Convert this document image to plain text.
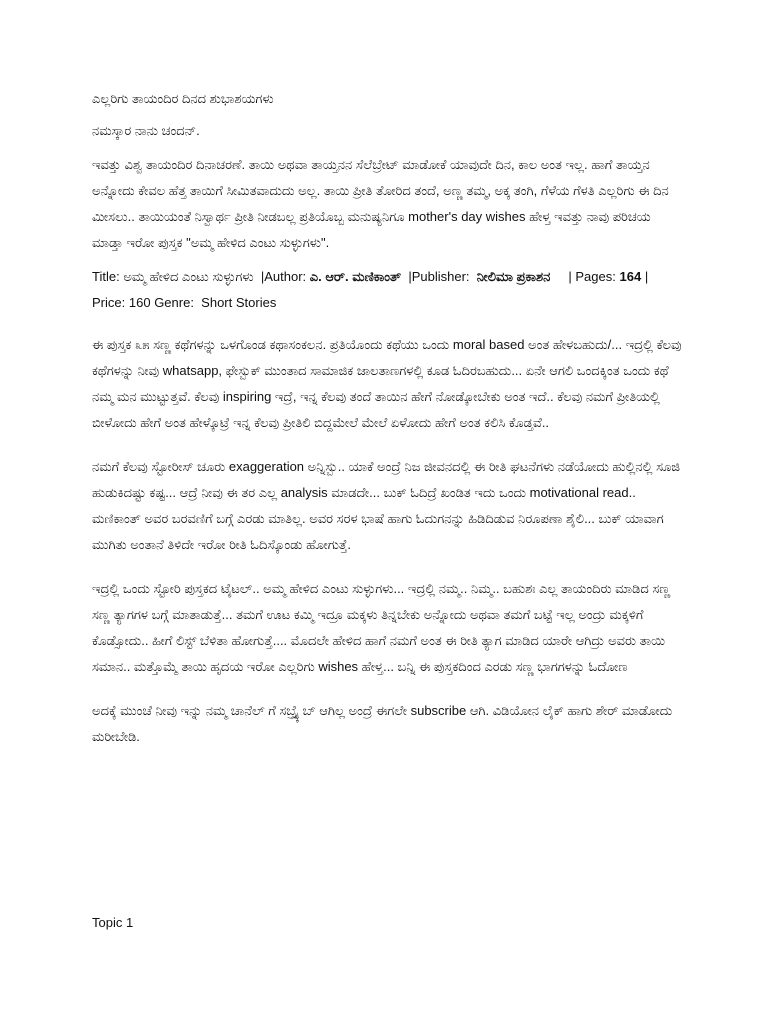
ಎಲ್ಲರಿಗು ತಾಯಂದಿರ ದಿನದ ಶುಭಾಶಯಗಳು

ನಮಸ್ಕಾರ ನಾನು ಚಂದನ್.

ಇವತ್ತು ವಿಶ್ವ ತಾಯಂದಿರ ದಿನಾಚರಣೆ. ತಾಯಿ ಅಥವಾ ತಾಯ್ತನನ ಸೆಲೆಬ್ರೇಟ್ ಮಾಡೋಕೆ ಯಾವುದೇ ದಿನ, ಕಾಲ ಅಂತ ಇಲ್ಲ. ಹಾಗೆ ತಾಯ್ತನ ಅನ್ನೋದು ಕೇವಲ ಹೆತ್ತ ತಾಯಿಗೆ ಸೀಮಿತವಾದುದು ಅಲ್ಲ. ತಾಯಿ ಪ್ರೀತಿ ತೋರಿದ ತಂದೆ, ಅಣ್ಣ ತಮ್ಮ, ಅಕ್ಕ ತಂಗಿ, ಗೆಳೆಯ ಗೆಳತಿ ಎಲ್ಲರಿಗು ಈ ದಿನ ಮೀಸಲು.. ತಾಯಿಯಂತೆ ನಿಸ್ವಾರ್ಥ ಪ್ರೀತಿ ನೀಡಬಲ್ಲ ಪ್ರತಿಯೊಬ್ಬ ಮನುಷ್ಯನಿಗೂ mother's day wishes ಹೇಳ್ತ ಇವತ್ತು ನಾವು ಪರಿಚಯ ಮಾಡ್ತಾ ಇರೋ ಪುಸ್ತಕ "ಅಮ್ಮ ಹೇಳಿದ ಎಂಟು ಸುಳ್ಳುಗಳು".

Title: ಅಮ್ಮ ಹೇಳಿದ ಎಂಟು ಸುಳ್ಳುಗಳು |Author: ಎ. ಆರ್. ಮಣಿಕಾಂತ್ |Publisher: ನೀಲಿಮಾ ಪ್ರಕಾಶನ | Pages: 164 | Price: 160 Genre: Short Stories

ಈ ಪುಸ್ತಕ ೩೫ ಸಣ್ಣ ಕಥೆಗಳನ್ನು ಒಳಗೊಂಡ ಕಥಾಸಂಕಲನ. ಪ್ರತಿಯೊಂದು ಕಥೆಯು ಒಂದು moral based ಅಂತ ಹೇಳಬಹುದು/... ಇದ್ರಲ್ಲಿ ಕೆಲವು ಕಥೆಗಳನ್ನು ನೀವು whatsapp, ಫೇಸ್ಬುಕ್ ಮುಂತಾದ ಸಾಮಾಜಿಕ ಜಾಲತಾಣಗಳಲ್ಲಿ ಕೂಡ ಓದಿರಬಹುದು... ಏನೇ ಆಗಲಿ ಒಂದಕ್ಕಿಂತ ಒಂದು ಕಥೆ ನಮ್ಮ ಮನ ಮುಟ್ಟುತ್ತವೆ. ಕೆಲವು inspiring ಇದ್ರೆ, ಇನ್ನ ಕೆಲವು ತಂದೆ ತಾಯಿನ ಹೇಗೆ ನೋಡ್ಕೋಬೇಕು ಅಂತ ಇದೆ.. ಕೆಲವು ನಮಗೆ ಪ್ರೀತಿಯಲ್ಲಿ ಬೀಳೋದು ಹೇಗೆ ಅಂತ ಹೇಳ್ಕೊಟ್ರೆ ಇನ್ನ ಕೆಲವು ಪ್ರೀತಿಲಿ ಬಿದ್ದಮೇಲೆ ಮೇಲೆ ಏಳೋದು ಹೇಗೆ ಅಂತ ಕಲಿಸಿ ಕೊಡ್ತವೆ..

ನಮಗೆ ಕೆಲವು ಸ್ಟೋರೀಸ್ ಚೂರು exaggeration ಅನ್ನಿಸ್ಬು.. ಯಾಕೆ ಅಂದ್ರೆ ನಿಜ ಜೀವನದಲ್ಲಿ ಈ ರೀತಿ ಘಟನೆಗಳು ನಡೆಯೋದು ಹುಲ್ಲಿನಲ್ಲಿ ಸೂಜಿ ಹುಡುಕಿದಷ್ಟು ಕಷ್ಟ... ಆದ್ರೆ ನೀವು ಈ ತರ ಎಲ್ಲ analysis ಮಾಡದೇ... ಬುಕ್ ಓದಿದ್ರೆ ಖಂಡಿತ ಇದು ಒಂದು motivational read.. ಮಣಿಕಾಂತ್ ಅವರ ಬರವಣಿಗೆ ಬಗ್ಗೆ ಎರಡು ಮಾತಿಲ್ಲ. ಅವರ ಸರಳ ಭಾಷೆ ಹಾಗು ಓದುಗನನ್ನು ಹಿಡಿದಿಡುವ ನಿರೂಪಣಾ ಶೈಲಿ... ಬುಕ್ ಯಾವಾಗ ಮುಗಿತು ಅಂತಾನೆ ತಿಳಿದೇ ಇರೋ ರೀತಿ ಓದಿಸ್ಕೊಂಡು ಹೋಗುತ್ತೆ.

ಇದ್ರಲ್ಲಿ ಒಂದು ಸ್ಟೋರಿ ಪುಸ್ತಕದ ಟೈಟಲ್.. ಅಮ್ಮ ಹೇಳಿದ ಎಂಟು ಸುಳ್ಳುಗಳು... ಇದ್ರಲ್ಲಿ ನಮ್ಮ.. ನಿಮ್ಮ.. ಬಹುಶಃ ಎಲ್ಲ ತಾಯಂದಿರು ಮಾಡಿದ ಸಣ್ಣ ಸಣ್ಣ ತ್ಯಾಗಗಳ ಬಗ್ಗೆ ಮಾತಾಡುತ್ತೆ... ತಮಗೆ ಊಟ ಕಮ್ಮಿ ಇದ್ರೂ ಮಕ್ಕಳು ತಿನ್ನಬೇಕು ಅನ್ನೋದು ಅಥವಾ ತಮಗೆ ಬಟ್ಟೆ ಇಲ್ಲ ಅಂದ್ರು ಮಕ್ಕಳಿಗೆ ಕೊಡ್ಸೋದು.. ಹೀಗೆ ಲಿಸ್ಟ್ ಬೆಳಿತಾ ಹೋಗುತ್ತೆ.... ಮೊದಲೇ ಹೇಳಿದ ಹಾಗೆ ನಮಗೆ ಅಂತ ಈ ರೀತಿ ತ್ಯಾಗ ಮಾಡಿದ ಯಾರೇ ಆಗಿದ್ರು ಅವರು ತಾಯಿ ಸಮಾನ.. ಮತ್ತೊಮ್ಮೆ ತಾಯಿ ಹೃದಯ ಇರೋ ಎಲ್ಲರಿಗು wishes ಹೇಳ್ತ... ಬನ್ನಿ ಈ ಪುಸ್ತಕದಿಂದ ಎರಡು ಸಣ್ಣ ಭಾಗಗಳನ್ನು ಓದೋಣ

ಅದಕ್ಕೆ ಮುಂಚೆ ನೀವು ಇನ್ನು ನಮ್ಮ ಚಾನೆಲ್ ಗೆ ಸಬ್ಸ್ಕ್ರೈಬ್ ಆಗಿಲ್ಲ ಅಂದ್ರೆ ಈಗಲೇ subscribe ಆಗಿ. ವಿಡಿಯೋನ ಲೈಕ್ ಹಾಗು ಶೇರ್ ಮಾಡೋದು ಮರೀಬೇಡಿ.

Topic 1
